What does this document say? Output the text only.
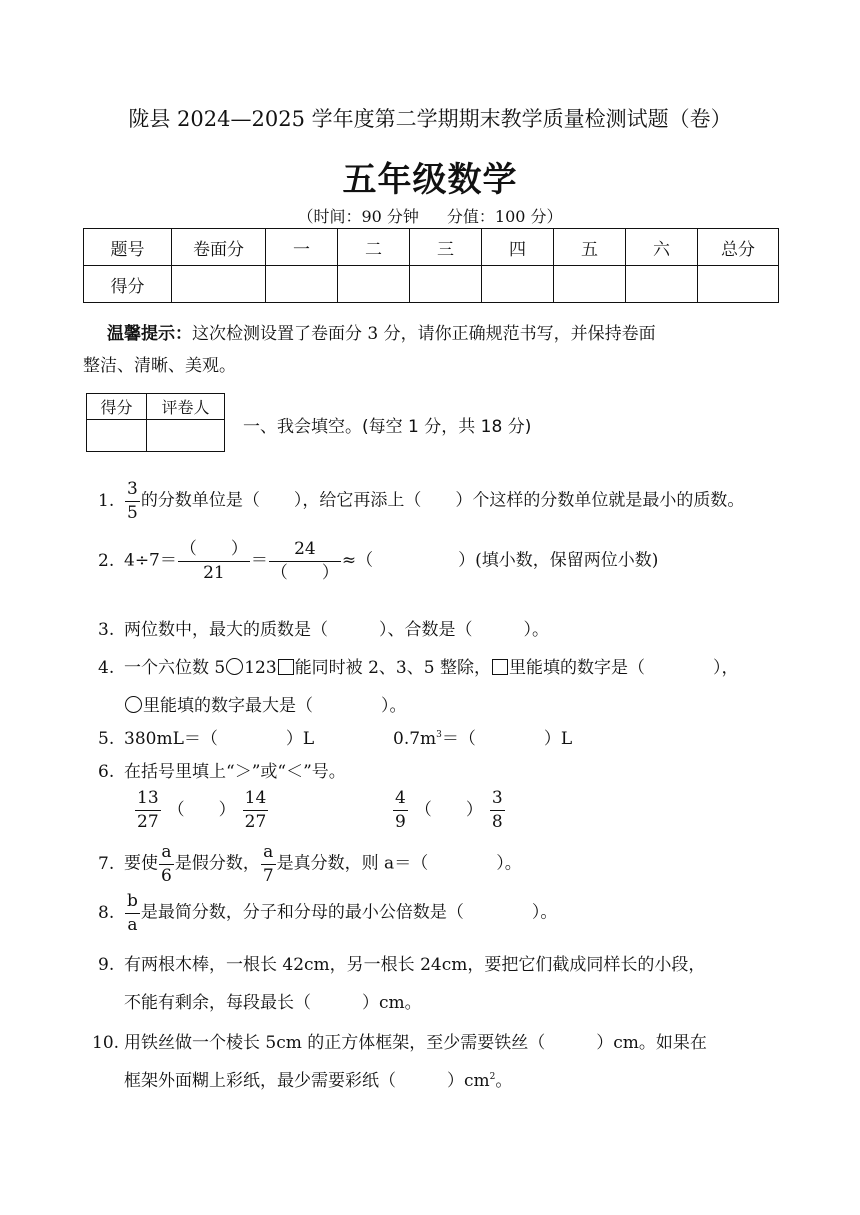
陇县 2024—2025 学年度第二学期期末教学质量检测试题（卷）
五年级数学
（时间：90 分钟 分值：100 分）
题号	卷面分	一	二	三	四	五	六	总分
得分								
温馨提示：这次检测设置了卷面分 3 分，请你正确规范书写，并保持卷面
整洁、清晰、美观。
得分	评卷人

一、我会填空。(每空 1 分，共 18 分)
1. $\frac{3}{5}$ 的分数单位是（　　），给它再添上（　　）个这样的分数单位就是最小的质数。
2. $4\div 7= \frac{( )}{21} = \frac{24}{( )}$ ≈（　　　　　）(填小数，保留两位小数)
3. 两位数中，最大的质数是（　　　）、合数是（　　　）。
4. 一个六位数 5 123 能同时被 2、3、5 整除， 里能填的数字是（　　　　），
里能填的数字最大是（　　　　）。
5. 380mL＝（　　　　）L	$0.7m^3=$（　　　　）L
6. 在括号里填上“＞”或“＜”号。
$\frac{13}{27}$ （　　） $\frac{14}{27}$	$\frac{4}{9}$ （　　） $\frac{3}{8}$
7. 要使 $\frac{a}{6}$ 是假分数， $\frac{a}{7}$ 是真分数，则 a＝（　　　　）。
8. $\frac{b}{a}$ 是最简分数，分子和分母的最小公倍数是（　　　　）。
9. 有两根木棒，一根长 42cm，另一根长 24cm，要把它们截成同样长的小段，
不能有剩余，每段最长（　　　）cm。
10. 用铁丝做一个棱长 5cm 的正方体框架，至少需要铁丝（　　　）cm。如果在
框架外面糊上彩纸，最少需要彩纸（　　　）$cm^2$。
